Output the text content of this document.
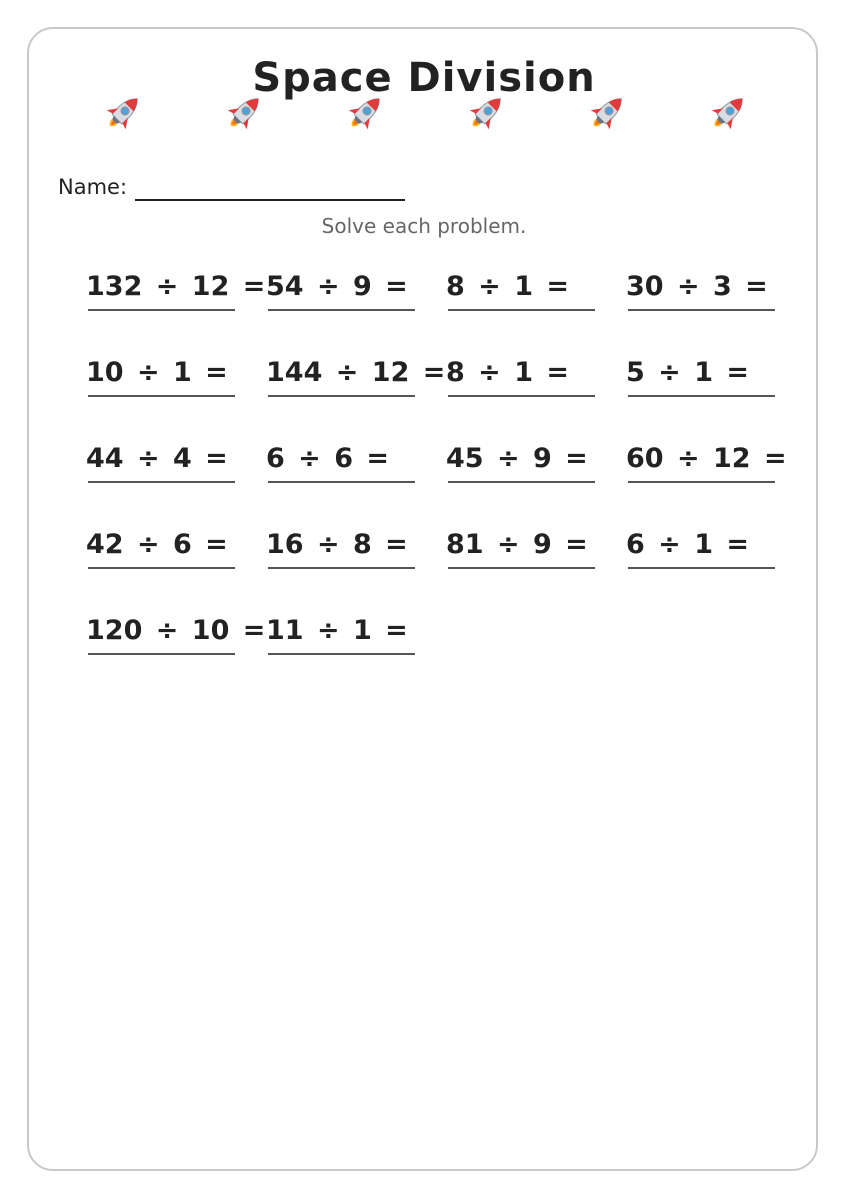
Space Division
Name:
Solve each problem.
132 ÷ 12 = 54 ÷ 9 = 8 ÷ 1 = 30 ÷ 3 =
10 ÷ 1 = 144 ÷ 12 = 8 ÷ 1 = 5 ÷ 1 =
44 ÷ 4 = 6 ÷ 6 = 45 ÷ 9 = 60 ÷ 12 =
42 ÷ 6 = 16 ÷ 8 = 81 ÷ 9 = 6 ÷ 1 =
120 ÷ 10 = 11 ÷ 1 =
